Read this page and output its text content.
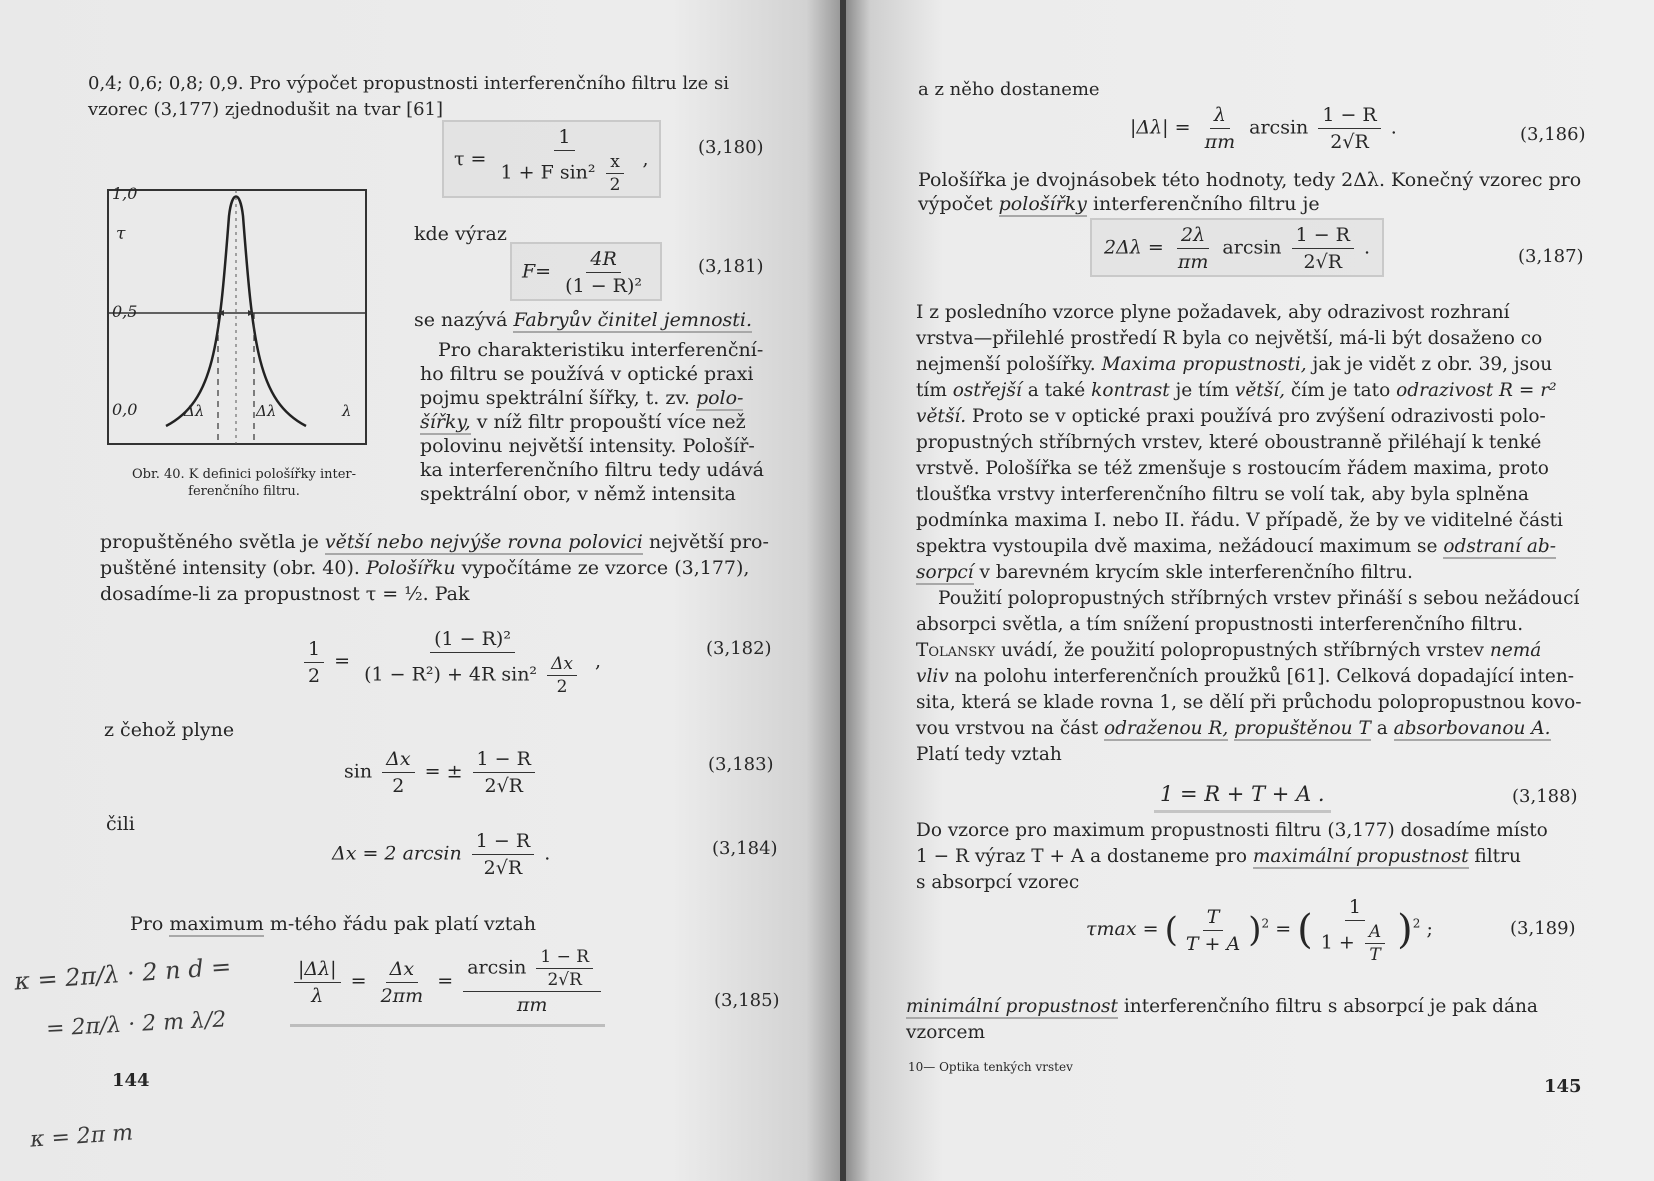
0,4; 0,6; 0,8; 0,9. Pro výpočet propustnosti interferenčního filtru lze si
vzorec (3,177) zjednodušit na tvar [61]
$\tau = \frac{1}{1 + F \sin^2 \frac{x}{2}}$ ,
(3,180)
1,0
τ
0,5
0,0	Δλ	Δλ	λ
Obr. 40. K definici pološířky inter-
ferenčního filtru.
kde výraz
$F= \frac{4R}{\text{(1 − R)²}}$	(3,181)
se nazývá Fabryův činitel jemnosti.
Pro charakteristiku interferenční-
ho filtru se používá v optické praxi
pojmu spektrální šířky, t. zv. polo-
šířky, v níž filtr propouští více než
polovinu největší intensity. Pološíř-
ka interferenčního filtru tedy udává
spektrální obor, v němž intensita
propuštěného světla je větší nebo nejvýše rovna polovici největší pro-
puštěné intensity (obr. 40). Pološířku vypočítáme ze vzorce (3,177),
dosadíme-li za propustnost τ = ½. Pak
$\frac{1}{2} = \frac{\text{(1 − R)²}}{(1 - R^2) + 4R \sin^2 \frac{\Delta x}{2}}$ ,
(3,182)
z čehož plyne
$\sin \frac{\Delta x}{2}$ = ± $\frac{1 - R}{2√R}$	(3,183)
čili
Δx = 2 $\arcsin \frac{1 - R}{2√R}$ .	(3,184)
Pro maximum m-tého řádu pak platí vztah
$\frac{|\Delta\lambda|}{\lambda} = \frac{\Delta x}{2\pi m} = \frac{\arcsin \frac{1 - R}{2√R}}{\pi m}$	(3,185)
κ = 2π/λ · 2 n d =
= 2π/λ · 2 m λ/2
κ = 2π m
144
a z něho dostaneme
$|\Delta\lambda| = \frac{\lambda}{\pi m}$ $\arcsin \frac{1 - R}{2√R}$ .	(3,186)
Pološířka je dvojnásobek této hodnoty, tedy 2Δλ. Konečný vzorec pro
výpočet pološířky interferenčního filtru je
$2\Delta\lambda = \frac{2\lambda}{\pi m}$ $\arcsin \frac{1 - R}{2√R}$ .	(3,187)
I z posledního vzorce plyne požadavek, aby odrazivost rozhraní
vrstva—přilehlé prostředí R byla co největší, má-li být dosaženo co
nejmenší pološířky. Maxima propustnosti, jak je vidět z obr. 39, jsou
tím ostřejší a také kontrast je tím větší, čím je tato odrazivost R = r²
větší. Proto se v optické praxi používá pro zvýšení odrazivosti polo-
propustných stříbrných vrstev, které oboustranně přiléhají k tenké
vrstvě. Pološířka se též zmenšuje s rostoucím řádem maxima, proto
tloušťka vrstvy interferenčního filtru se volí tak, aby byla splněna
podmínka maxima I. nebo II. řádu. V případě, že by ve viditelné části
spektra vystoupila dvě maxima, nežádoucí maximum se odstraní ab-
sorpcí v barevném krycím skle interferenčního filtru.
Použití polopropustných stříbrných vrstev přináší s sebou nežádoucí
absorpci světla, a tím snížení propustnosti interferenčního filtru.
Tolansky uvádí, že použití polopropustných stříbrných vrstev nemá
vliv na polohu interferenčních proužků [61]. Celková dopadající inten-
sita, která se klade rovna 1, se dělí při průchodu polopropustnou kovo-
vou vrstvou na část odraženou R, propuštěnou T a absorbovanou A.
Platí tedy vztah
1 = R + T + A .	(3,188)
Do vzorce pro maximum propustnosti filtru (3,177) dosadíme místo
1 − R výraz T + A a dostaneme pro maximální propustnost filtru
s absorpcí vzorec
τmax = ( $\frac{T}{T + A} )^2$ = ( $\frac{1}{1 + \frac{A}{T}} )^2$ ;	(3,189)
minimální propustnost interferenčního filtru s absorpcí je pak dána
vzorcem
10— Optika tenkých vrstev
145
